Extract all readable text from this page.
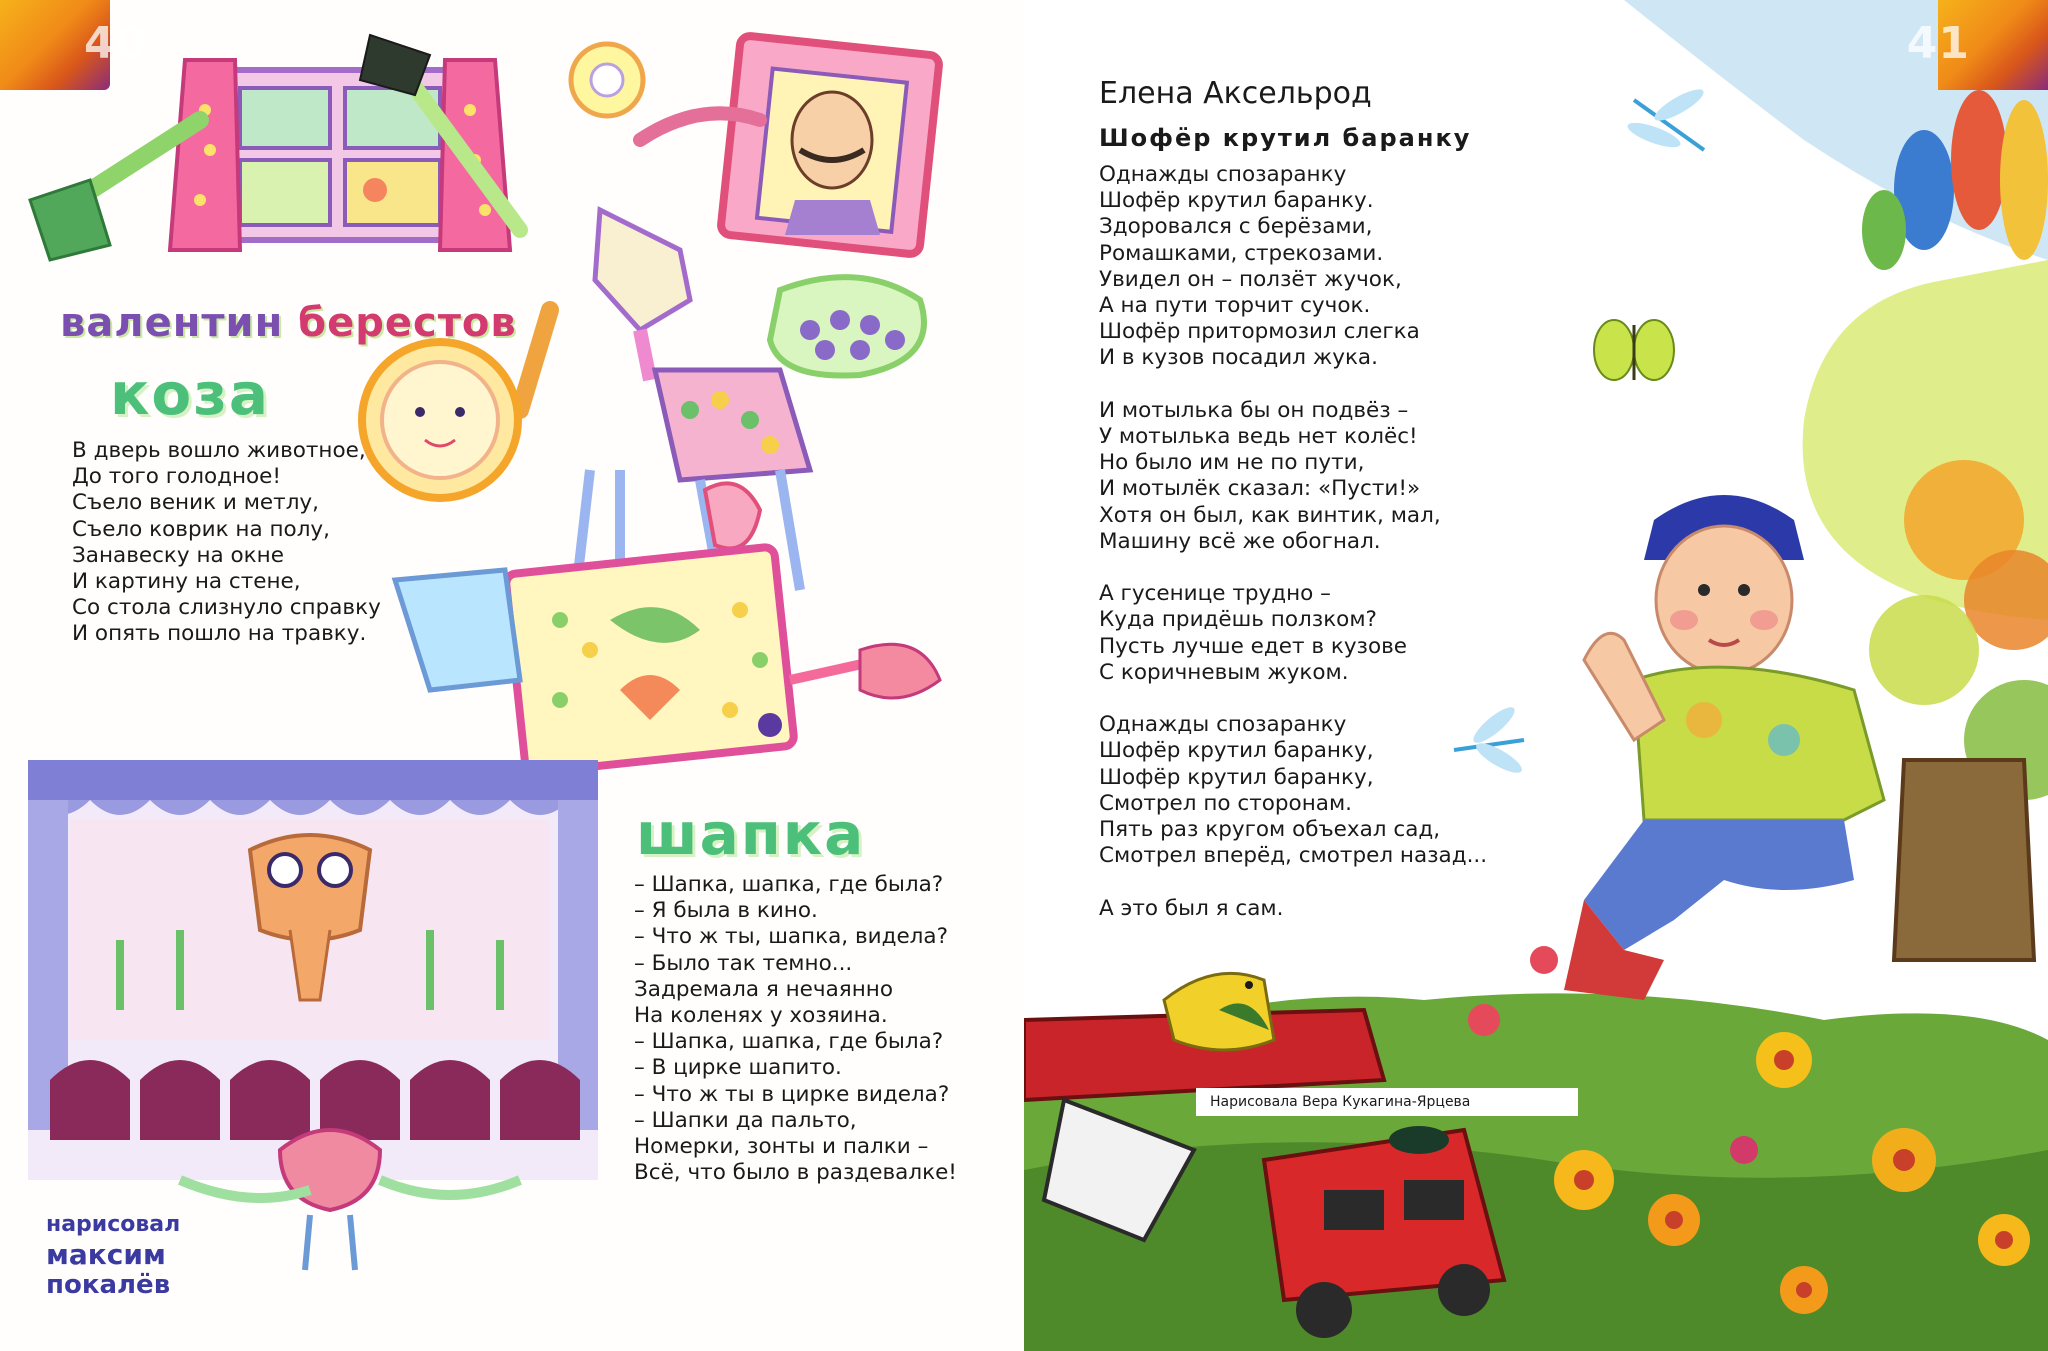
40
валентин берестов
коза
В дверь вошло животное,
До того голодное!
Съело веник и метлу,
Съело коврик на полу,
Занавеску на окне
И картину на стене,
Со стола слизнуло справку
И опять пошло на травку.
шапка
– Шапка, шапка, где была?
– Я была в кино.
– Что ж ты, шапка, видела?
– Было так темно...
Задремала я нечаянно
На коленях у хозяина.
– Шапка, шапка, где была?
– В цирке шапито.
– Что ж ты в цирке видела?
– Шапки да пальто,
Номерки, зонты и палки –
Всё, что было в раздевалке!
нарисовал
максим
покалёв
41
Елена Аксельрод
Шофёр крутил баранку
Однажды спозаранку
Шофёр крутил баранку.
Здоровался с берёзами,
Ромашками, стрекозами.
Увидел он – ползёт жучок,
А на пути торчит сучок.
Шофёр притормозил слегка
И в кузов посадил жука.
И мотылька бы он подвёз –
У мотылька ведь нет колёс!
Но было им не по пути,
И мотылёк сказал: «Пусти!»
Хотя он был, как винтик, мал,
Машину всё же обогнал.
А гусенице трудно –
Куда придёшь ползком?
Пусть лучше едет в кузове
С коричневым жуком.
Однажды спозаранку
Шофёр крутил баранку,
Шофёр крутил баранку,
Смотрел по сторонам.
Пять раз кругом объехал сад,
Смотрел вперёд, смотрел назад...
А это был я сам.
Нарисовала Вера Кукагина-Ярцева
